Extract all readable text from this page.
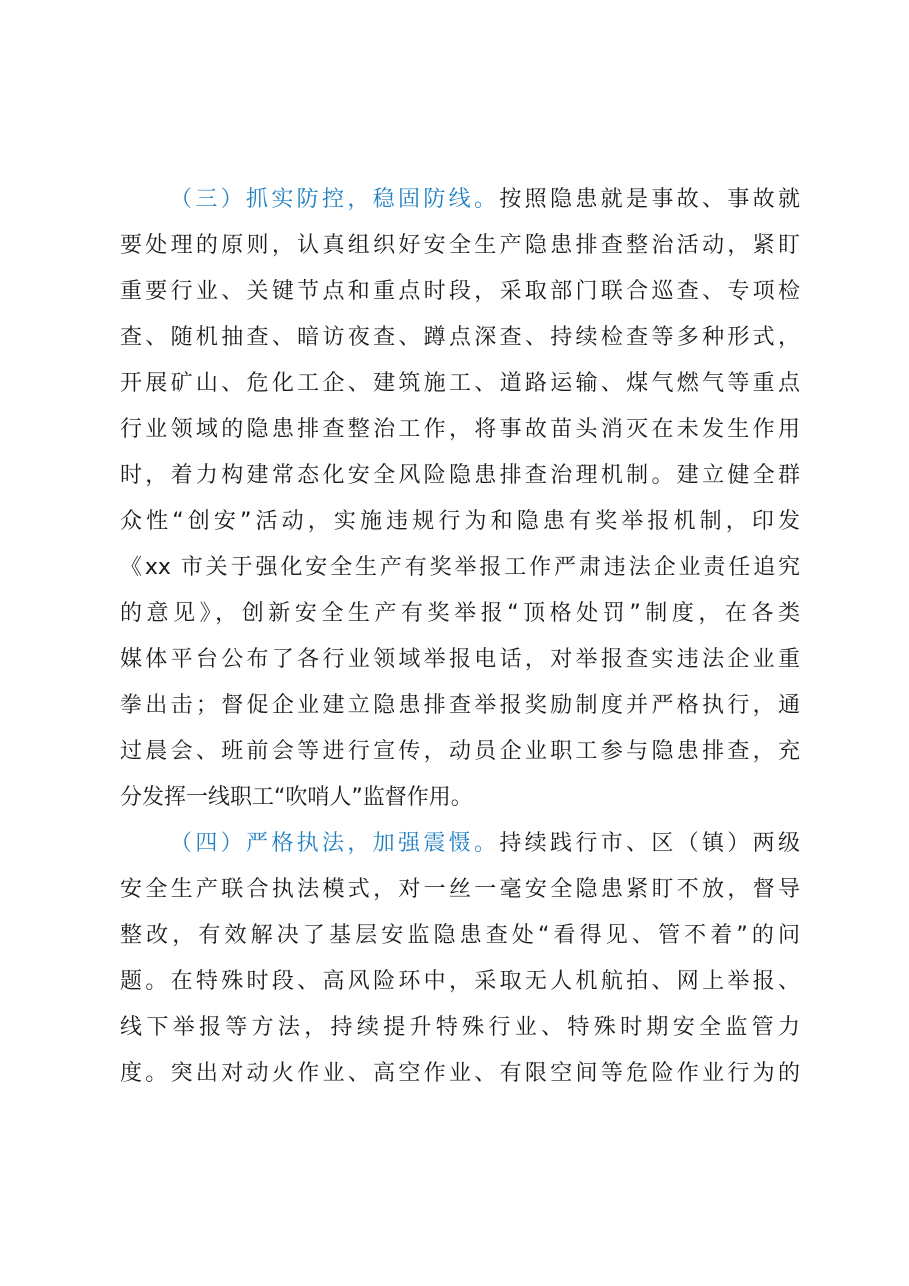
（三）抓实防控，稳固防线。按照隐患就是事故、事故就
要处理的原则，认真组织好安全生产隐患排查整治活动，紧盯
重要行业、关键节点和重点时段，采取部门联合巡查、专项检
查、随机抽查、暗访夜查、蹲点深查、持续检查等多种形式，
开展矿山、危化工企、建筑施工、道路运输、煤气燃气等重点
行业领域的隐患排查整治工作，将事故苗头消灭在未发生作用
时，着力构建常态化安全风险隐患排查治理机制。建立健全群
众性“创安”活动，实施违规行为和隐患有奖举报机制，印发
《xx 市关于强化安全生产有奖举报工作严肃违法企业责任追究
的意见》，创新安全生产有奖举报“顶格处罚”制度，在各类
媒体平台公布了各行业领域举报电话，对举报查实违法企业重
拳出击；督促企业建立隐患排查举报奖励制度并严格执行，通
过晨会、班前会等进行宣传，动员企业职工参与隐患排查，充
分发挥一线职工“吹哨人”监督作用。
（四）严格执法，加强震慑。持续践行市、区（镇）两级
安全生产联合执法模式，对一丝一毫安全隐患紧盯不放，督导
整改，有效解决了基层安监隐患查处“看得见、管不着”的问
题。在特殊时段、高风险环中，采取无人机航拍、网上举报、
线下举报等方法，持续提升特殊行业、特殊时期安全监管力
度。突出对动火作业、高空作业、有限空间等危险作业行为的
